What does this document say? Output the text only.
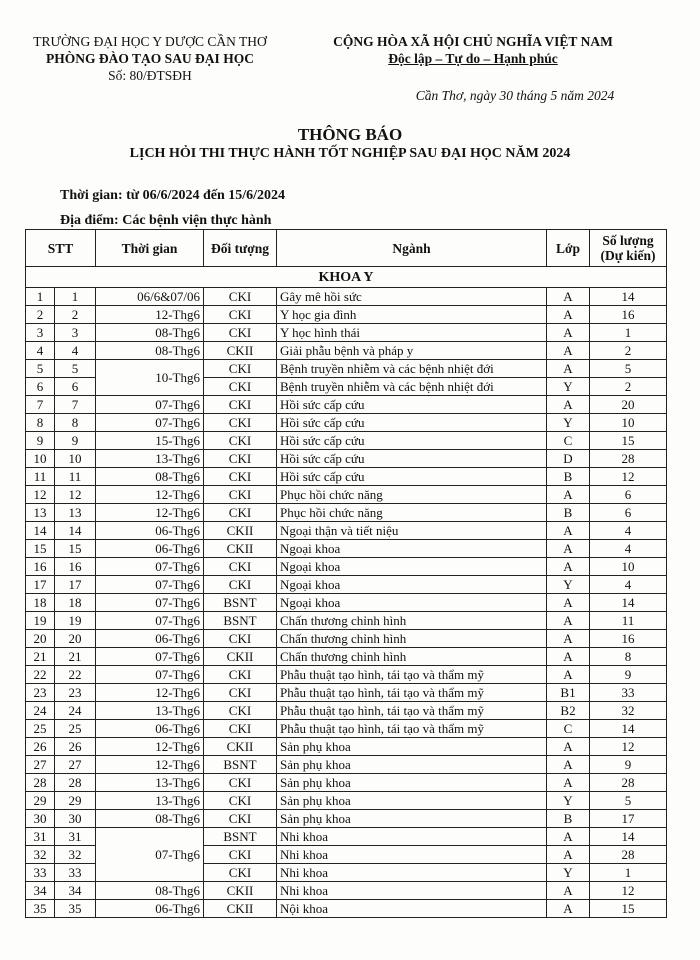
TRƯỜNG ĐẠI HỌC Y DƯỢC CẦN THƠ
PHÒNG ĐÀO TẠO SAU ĐẠI HỌC
Số: 80/ĐTSĐH
CỘNG HÒA XÃ HỘI CHỦ NGHĨA VIỆT NAM
Độc lập – Tự do – Hạnh phúc
Cần Thơ, ngày 30 tháng 5 năm 2024
THÔNG BÁO
LỊCH HỎI THI THỰC HÀNH TỐT NGHIỆP SAU ĐẠI HỌC NĂM 2024
Thời gian: từ 06/6/2024 đến 15/6/2024
Địa điểm: Các bệnh viện thực hành
STT		Thời gian	Đối tượng	Ngành	Lớp	Số lượng
(Dự kiến)

KHOA Y						
1	1	06/6&07/06	CKI	Gây mê hồi sức	A	14
2	2	12-Thg6	CKI	Y học gia đình	A	16
3	3	08-Thg6	CKI	Y học hình thái	A	1
4	4	08-Thg6	CKII	Giải phẫu bệnh và pháp y	A	2
5	5	10-Thg6	CKI	Bệnh truyền nhiễm và các bệnh nhiệt đới	A	5
6	6		CKI	Bệnh truyền nhiễm và các bệnh nhiệt đới	Y	2
7	7	07-Thg6	CKI	Hồi sức cấp cứu	A	20
8	8	07-Thg6	CKI	Hồi sức cấp cứu	Y	10
9	9	15-Thg6	CKI	Hồi sức cấp cứu	C	15
10	10	13-Thg6	CKI	Hồi sức cấp cứu	D	28
11	11	08-Thg6	CKI	Hồi sức cấp cứu	B	12
12	12	12-Thg6	CKI	Phục hồi chức năng	A	6
13	13	12-Thg6	CKI	Phục hồi chức năng	B	6
14	14	06-Thg6	CKII	Ngoại thận và tiết niệu	A	4
15	15	06-Thg6	CKII	Ngoại khoa	A	4
16	16	07-Thg6	CKI	Ngoại khoa	A	10
17	17	07-Thg6	CKI	Ngoại khoa	Y	4
18	18	07-Thg6	BSNT	Ngoại khoa	A	14
19	19	07-Thg6	BSNT	Chấn thương chỉnh hình	A	11
20	20	06-Thg6	CKI	Chấn thương chỉnh hình	A	16
21	21	07-Thg6	CKII	Chấn thương chỉnh hình	A	8
22	22	07-Thg6	CKI	Phẫu thuật tạo hình, tái tạo và thẩm mỹ	A	9
23	23	12-Thg6	CKI	Phẫu thuật tạo hình, tái tạo và thẩm mỹ	B1	33
24	24	13-Thg6	CKI	Phẫu thuật tạo hình, tái tạo và thẩm mỹ	B2	32
25	25	06-Thg6	CKI	Phẫu thuật tạo hình, tái tạo và thẩm mỹ	C	14
26	26	12-Thg6	CKII	Sản phụ khoa	A	12
27	27	12-Thg6	BSNT	Sản phụ khoa	A	9
28	28	13-Thg6	CKI	Sản phụ khoa	A	28
29	29	13-Thg6	CKI	Sản phụ khoa	Y	5
30	30	08-Thg6	CKI	Sản phụ khoa	B	17
31	31	07-Thg6	BSNT	Nhi khoa	A	14
32	32		CKI	Nhi khoa	A	28
33	33		CKI	Nhi khoa	Y	1
34	34	08-Thg6	CKII	Nhi khoa	A	12
35	35	06-Thg6	CKII	Nội khoa	A	15
